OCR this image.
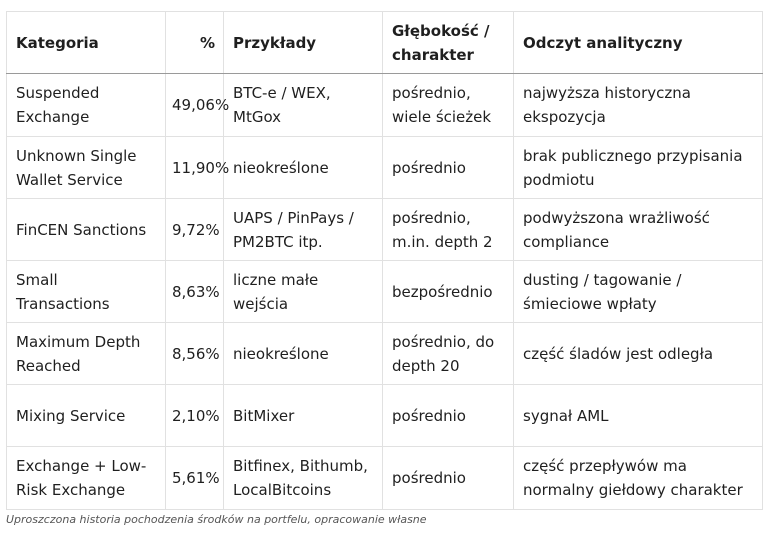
Kategoria	%	Przykłady	Głębokość / charakter	Odczyt analityczny
Suspended Exchange	49,06%	BTC-e / WEX, MtGox	pośrednio, wiele ścieżek	najwyższa historyczna ekspozycja
Unknown Single Wallet Service	11,90%	nieokreślone	pośrednio	brak publicznego przypisania podmiotu
FinCEN Sanctions	9,72%	UAPS / PinPays / PM2BTC itp.	pośrednio, m.in. depth 2	podwyższona wrażliwość compliance
Small Transactions	8,63%	liczne małe wejścia	bezpośrednio	dusting / tagowanie / śmieciowe wpłaty
Maximum Depth Reached	8,56%	nieokreślone	pośrednio, do depth 20	część śladów jest odległa
Mixing Service	2,10%	BitMixer	pośrednio	sygnał AML
Exchange + Low-Risk Exchange	5,61%	Bitfinex, Bithumb, LocalBitcoins	pośrednio	część przepływów ma normalny giełdowy charakter
Uproszczona historia pochodzenia środków na portfelu, opracowanie własne
